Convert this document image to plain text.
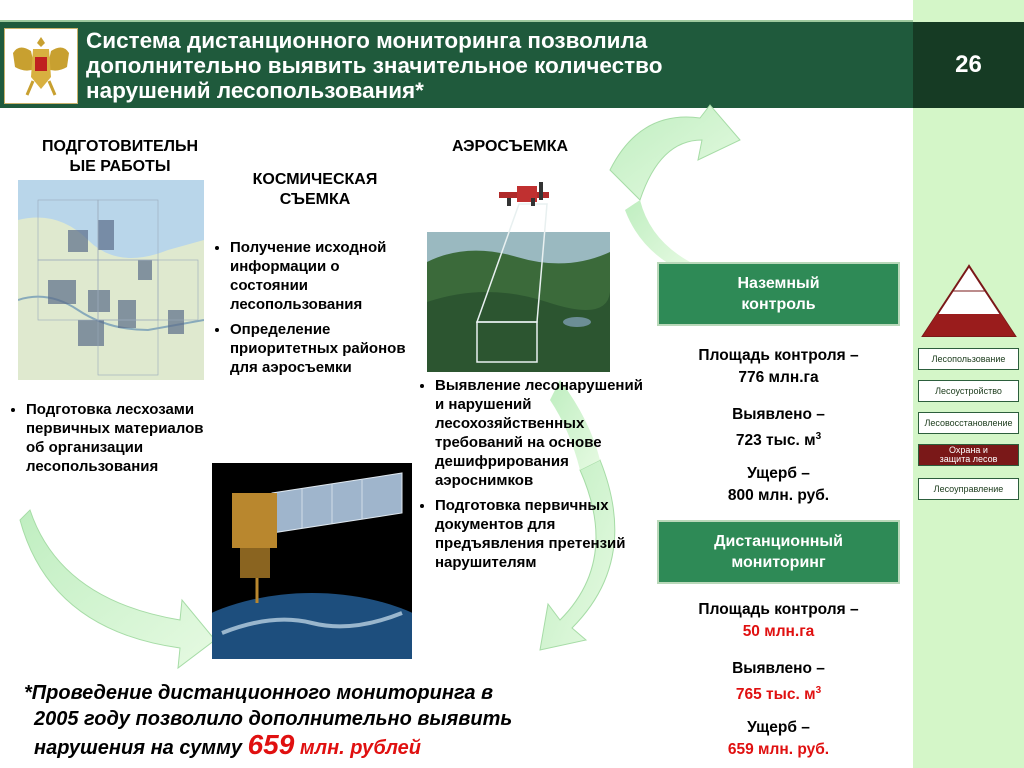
Система дистанционного мониторинга позволила
дополнительно выявить значительное количество
нарушений лесопользования*
26
Лесопользование
Лесоустройство
Лесовосстановление
Охрана и
защита лесов
Лесоуправление
ПОДГОТОВИТЕЛЬН
ЫЕ РАБОТЫ
КОСМИЧЕСКАЯ
СЪЕМКА
АЭРОСЪЕМКА
• Получение исходной информации о состоянии лесопользования
• Определение приоритетных районов для аэросъемки
• Подготовка лесхозами первичных материалов об организации лесопользования
• Выявление лесонарушений и нарушений лесохозяйственных требований на основе дешифрирования аэроснимков
• Подготовка первичных документов для предъявления претензий нарушителям
Наземный
контроль
Площадь контроля –
776 млн.га
Выявлено –
723 тыс. $м^3$
Ущерб –
800 млн. руб.
Дистанционный
мониторинг
Площадь контроля –
50 млн.га
Выявлено –
765 тыс. $м^3$
Ущерб –
659 млн. руб.
*Проведение дистанционного мониторинга в
2005 году позволило дополнительно выявить
нарушения на сумму 659 млн. рублей
